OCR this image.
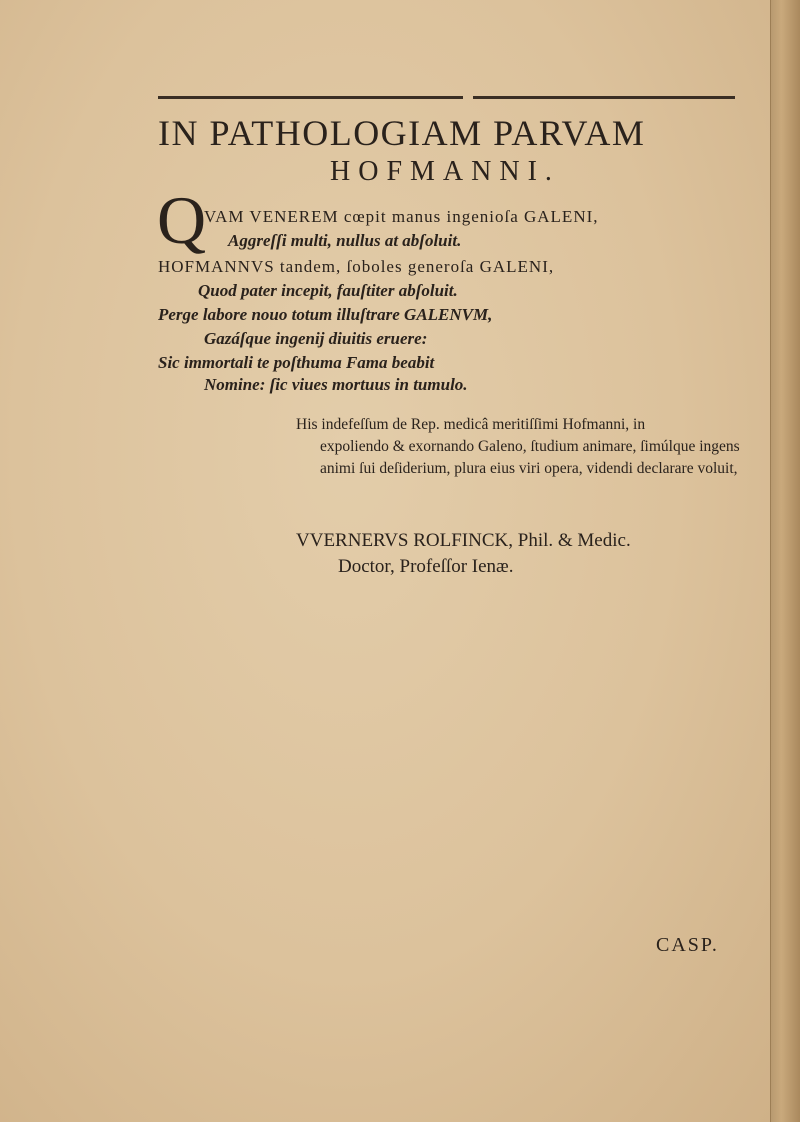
IN PATHOLOGIAM PARVAM
HOFMANNI.
Q
VAM VENEREM cœpit manus ingenioſa GALENI,
Aggreſſi multi, nullus at abſoluit.
HOFMANNVS tandem, ſoboles generoſa GALENI,
Quod pater incepit, fauſtiter abſoluit.
Perge labore nouo totum illuſtrare GALENVM,
Gazáſque ingenij diuitis eruere:
Sic immortali te poſthuma Fama beabit
Nomine: ſic viues mortuus in tumulo.
His indefeſſum de Rep. medicâ meritiſſimi Hofmanni, in
expoliendo & exornando Galeno, ſtudium animare, ſimúlque ingens animi ſui deſiderium, plura eius viri opera, videndi declarare voluit,
VVERNERVS ROLFINCK, Phil. & Medic.
Doctor, Profeſſor Ienæ.
CASP.
